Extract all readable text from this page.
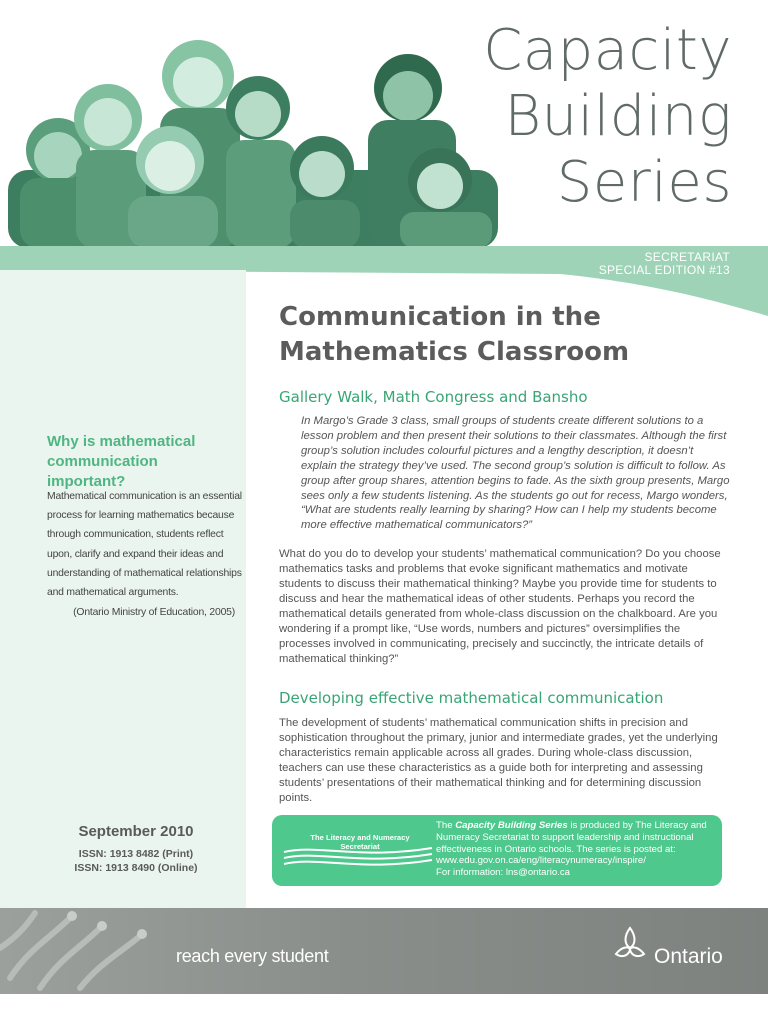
Capacity
Building
Series
SECRETARIAT
SPECIAL EDITION #13
Why is mathematical communication important?
Mathematical communication is an essential process for learning mathematics because through communication, students reflect upon, clarify and expand their ideas and understanding of mathematical relationships and mathematical arguments.
(Ontario Ministry of Education, 2005)
September 2010
ISSN: 1913 8482 (Print)
ISSN: 1913 8490 (Online)
Communication in the
Mathematics Classroom
Gallery Walk, Math Congress and Bansho
In Margo’s Grade 3 class, small groups of students create different solutions to a lesson problem and then present their solutions to their classmates. Although the first group’s solution includes colourful pictures and a lengthy description, it doesn’t explain the strategy they’ve used. The second group’s solution is difficult to follow. As group after group shares, attention begins to fade. As the sixth group presents, Margo sees only a few students listening. As the students go out for recess, Margo wonders, “What are students really learning by sharing? How can I help my students become more effective mathematical communicators?”
What do you do to develop your students’ mathematical communication? Do you choose mathematics tasks and problems that evoke significant mathematics and motivate students to discuss their mathematical thinking? Maybe you provide time for students to discuss and hear the mathematical ideas of other students. Perhaps you record the mathematical details generated from whole-class discussion on the chalkboard. Are you wondering if a prompt like, “Use words, numbers and pictures” oversimplifies the processes involved in communicating, precisely and succinctly, the intricate details of mathematical thinking?”
Developing effective mathematical communication
The development of students’ mathematical communication shifts in precision and sophistication throughout the primary, junior and intermediate grades, yet the underlying characteristics remain applicable across all grades. During whole-class discussion, teachers can use these characteristics as a guide both for interpreting and assessing students’ presentations of their mathematical thinking and for determining discussion points.
The Literacy and Numeracy Secretariat
The Capacity Building Series is produced by The Literacy and Numeracy Secretariat to support leadership and instructional effectiveness in Ontario schools. The series is posted at:
www.edu.gov.on.ca/eng/literacynumeracy/inspire/
For information: lns@ontario.ca
reach every student	Ontario
